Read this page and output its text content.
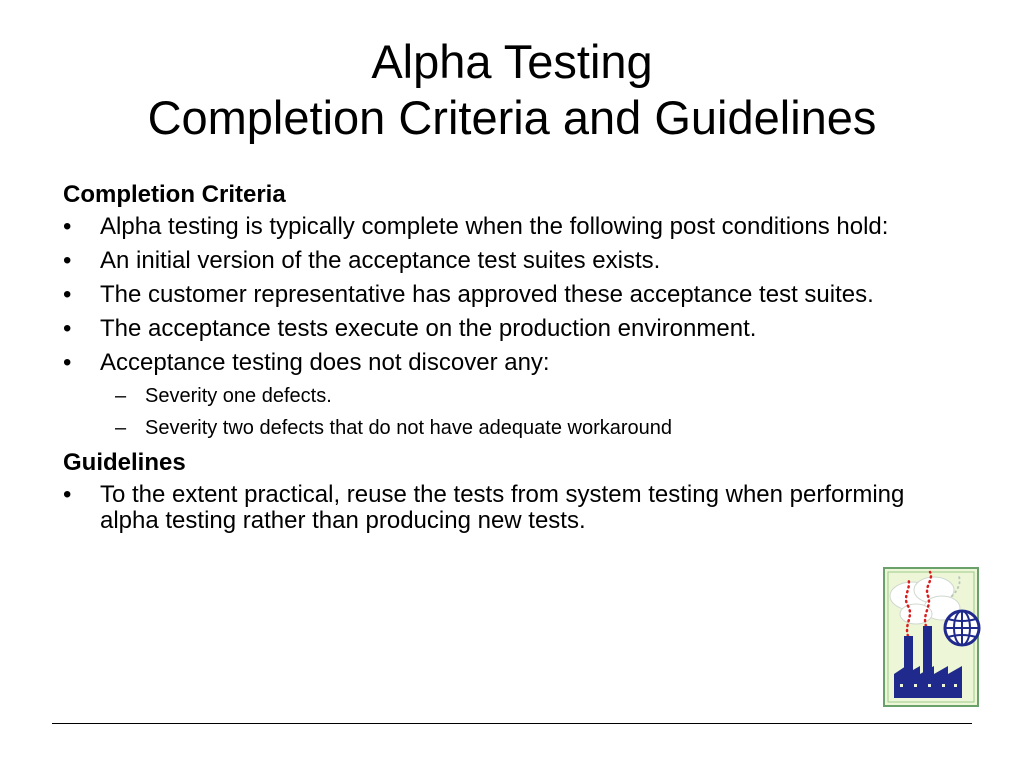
Alpha Testing
Completion Criteria and Guidelines
Completion Criteria
•	Alpha testing is typically complete when the following post conditions hold:
•	An initial version of the acceptance test suites exists.
•	The customer representative has approved these acceptance test suites.
•	The acceptance tests execute on the production environment.
•	Acceptance testing does not discover any:
– Severity one defects.
– Severity two defects that do not have adequate workaround
Guidelines
•	To the extent practical, reuse the tests from system testing when performing alpha testing rather than producing new tests.
